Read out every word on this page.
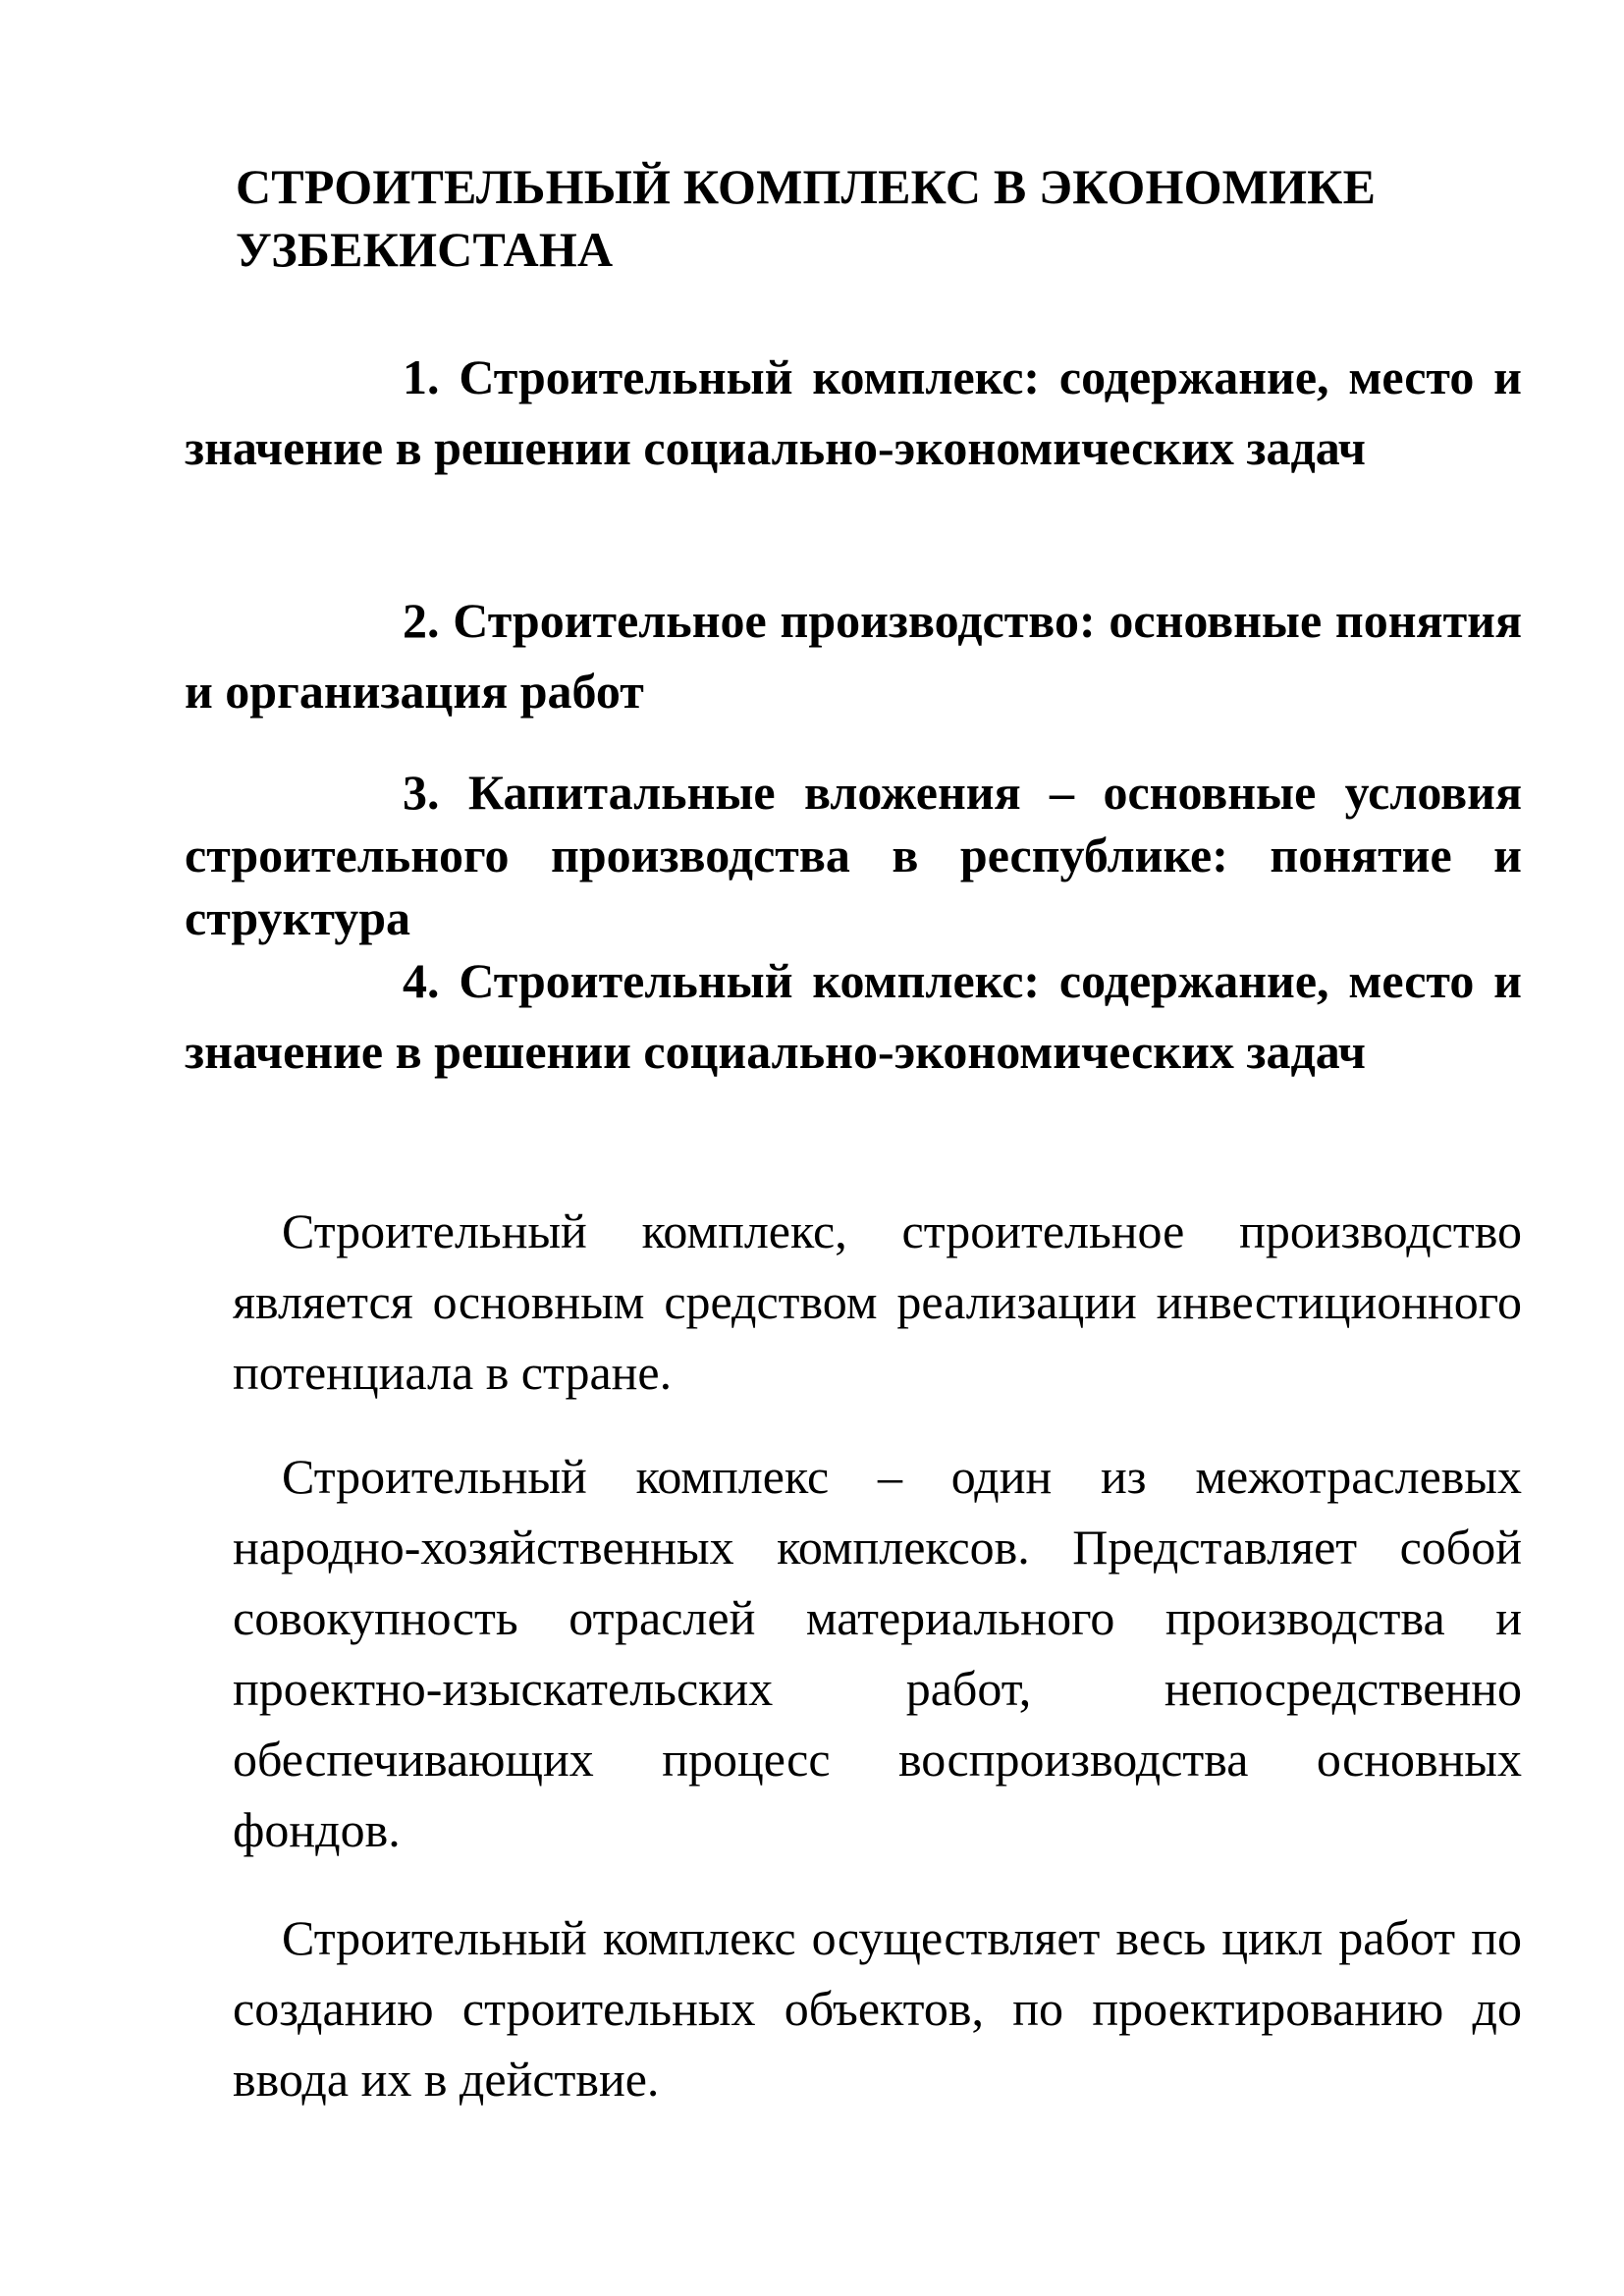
СТРОИТЕЛЬНЫЙ КОМПЛЕКС В ЭКОНОМИКЕ УЗБЕКИСТАНА

1. Строительный комплекс: содержание, место и значение в решении социально-экономических задач

2. Строительное производство: основные понятия и организация работ

3. Капитальные вложения – основные условия строительного производства в республике: понятие и структура

4. Строительный комплекс: содержание, место и значение в решении социально-экономических задач

Строительный комплекс, строительное производство является основным средством реализации инвестиционного потенциала в стране.

Строительный комплекс – один из межотраслевых народно-хозяйственных комплексов. Представляет собой совокупность отраслей материального производства и проектно-изыскательских работ, непосредственно обеспечивающих процесс воспроизводства основных фондов.

Строительный комплекс осуществляет весь цикл работ по созданию строительных объектов, по проектированию до ввода их в действие.
